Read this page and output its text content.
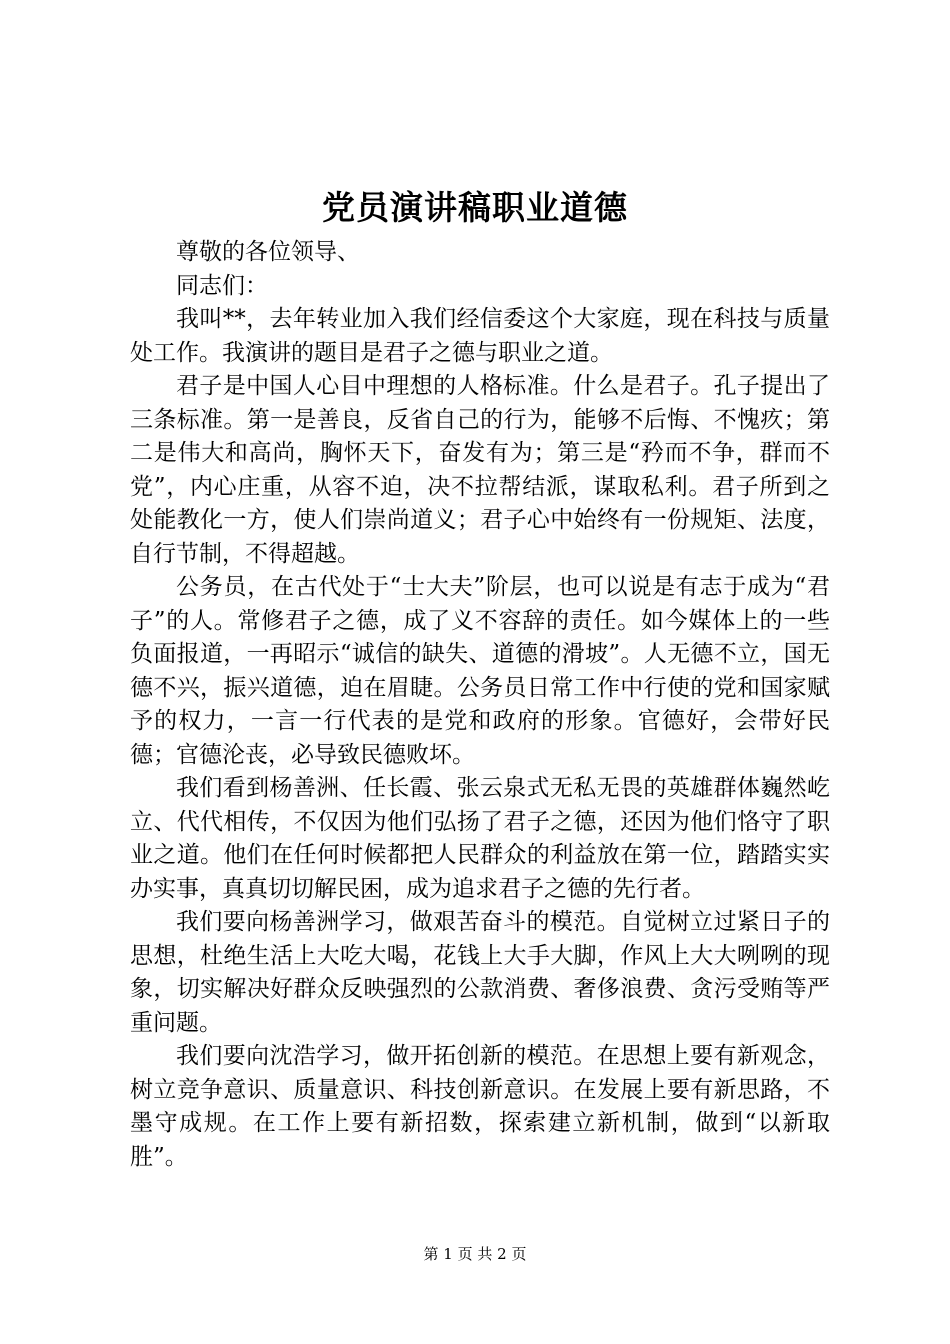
党员演讲稿职业道德

尊敬的各位领导、

同志们：

我叫**，去年转业加入我们经信委这个大家庭，现在科技与质量处工作。我演讲的题目是君子之德与职业之道。

君子是中国人心目中理想的人格标准。什么是君子。孔子提出了三条标准。第一是善良，反省自己的行为，能够不后悔、不愧疚；第二是伟大和高尚，胸怀天下，奋发有为；第三是“矜而不争，群而不党”，内心庄重，从容不迫，决不拉帮结派，谋取私利。君子所到之处能教化一方，使人们崇尚道义；君子心中始终有一份规矩、法度，自行节制，不得超越。

公务员，在古代处于“士大夫”阶层，也可以说是有志于成为“君子”的人。常修君子之德，成了义不容辞的责任。如今媒体上的一些负面报道，一再昭示“诚信的缺失、道德的滑坡”。人无德不立，国无德不兴，振兴道德，迫在眉睫。公务员日常工作中行使的党和国家赋予的权力，一言一行代表的是党和政府的形象。官德好，会带好民德；官德沦丧，必导致民德败坏。

我们看到杨善洲、任长霞、张云泉式无私无畏的英雄群体巍然屹立、代代相传，不仅因为他们弘扬了君子之德，还因为他们恪守了职业之道。他们在任何时候都把人民群众的利益放在第一位，踏踏实实办实事，真真切切解民困，成为追求君子之德的先行者。

我们要向杨善洲学习，做艰苦奋斗的模范。自觉树立过紧日子的思想，杜绝生活上大吃大喝，花钱上大手大脚，作风上大大咧咧的现象，切实解决好群众反映强烈的公款消费、奢侈浪费、贪污受贿等严重问题。

我们要向沈浩学习，做开拓创新的模范。在思想上要有新观念，树立竞争意识、质量意识、科技创新意识。在发展上要有新思路，不墨守成规。在工作上要有新招数，探索建立新机制，做到“以新取胜”。

第 1 页 共 2 页
